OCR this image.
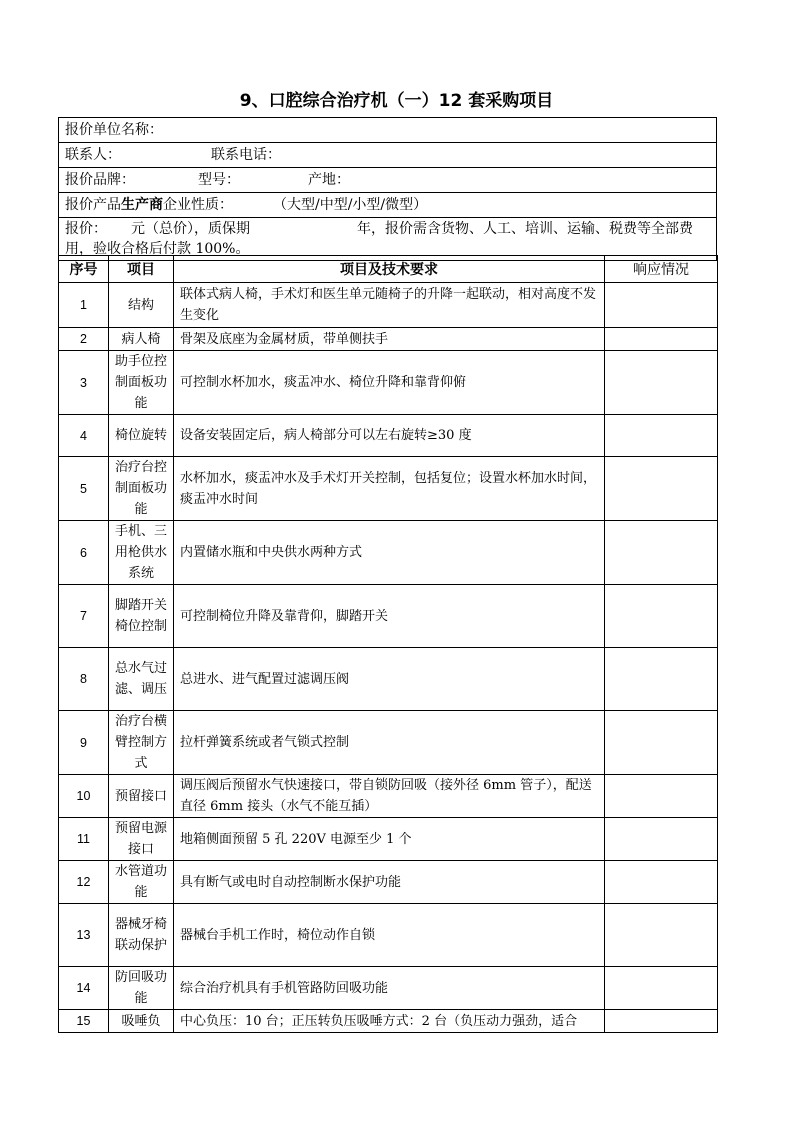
9、口腔综合治疗机（一）12 套采购项目
报价单位名称：
联系人：	联系电话：
报价品牌：	型号：	产地：
报价产品生产商企业性质：	（大型/中型/小型/微型）
报价： 元（总价），质保期	年，报价需含货物、人工、培训、运输、税费等全部费用，验收合格后付款 100%。
序号	项目	项目及技术要求	响应情况
1	结构	联体式病人椅，手术灯和医生单元随椅子的升降一起联动，相对高度不发生变化	
2	病人椅	骨架及底座为金属材质，带单侧扶手	
3	助手位控制面板功能	可控制水杯加水，痰盂冲水、椅位升降和靠背仰俯	
4	椅位旋转	设备安装固定后，病人椅部分可以左右旋转≥30 度	
5	治疗台控制面板功能	水杯加水，痰盂冲水及手术灯开关控制，包括复位；设置水杯加水时间，痰盂冲水时间	
6	手机、三用枪供水系统	内置储水瓶和中央供水两种方式	
7	脚踏开关椅位控制	可控制椅位升降及靠背仰，脚踏开关	
8	总水气过滤、调压	总进水、进气配置过滤调压阀	
9	治疗台横臂控制方式	拉杆弹簧系统或者气锁式控制	
10	预留接口	调压阀后预留水气快速接口，带自锁防回吸（接外径 6mm 管子），配送直径 6mm 接头（水气不能互插）	
11	预留电源接口	地箱侧面预留 5 孔 220V 电源至少 1 个	
12	水管道功能	具有断气或电时自动控制断水保护功能	
13	器械牙椅联动保护	器械台手机工作时，椅位动作自锁	
14	防回吸功能	综合治疗机具有手机管路防回吸功能	
15	吸唾负	中心负压：10 台；正压转负压吸唾方式：2 台（负压动力强劲，适合	
